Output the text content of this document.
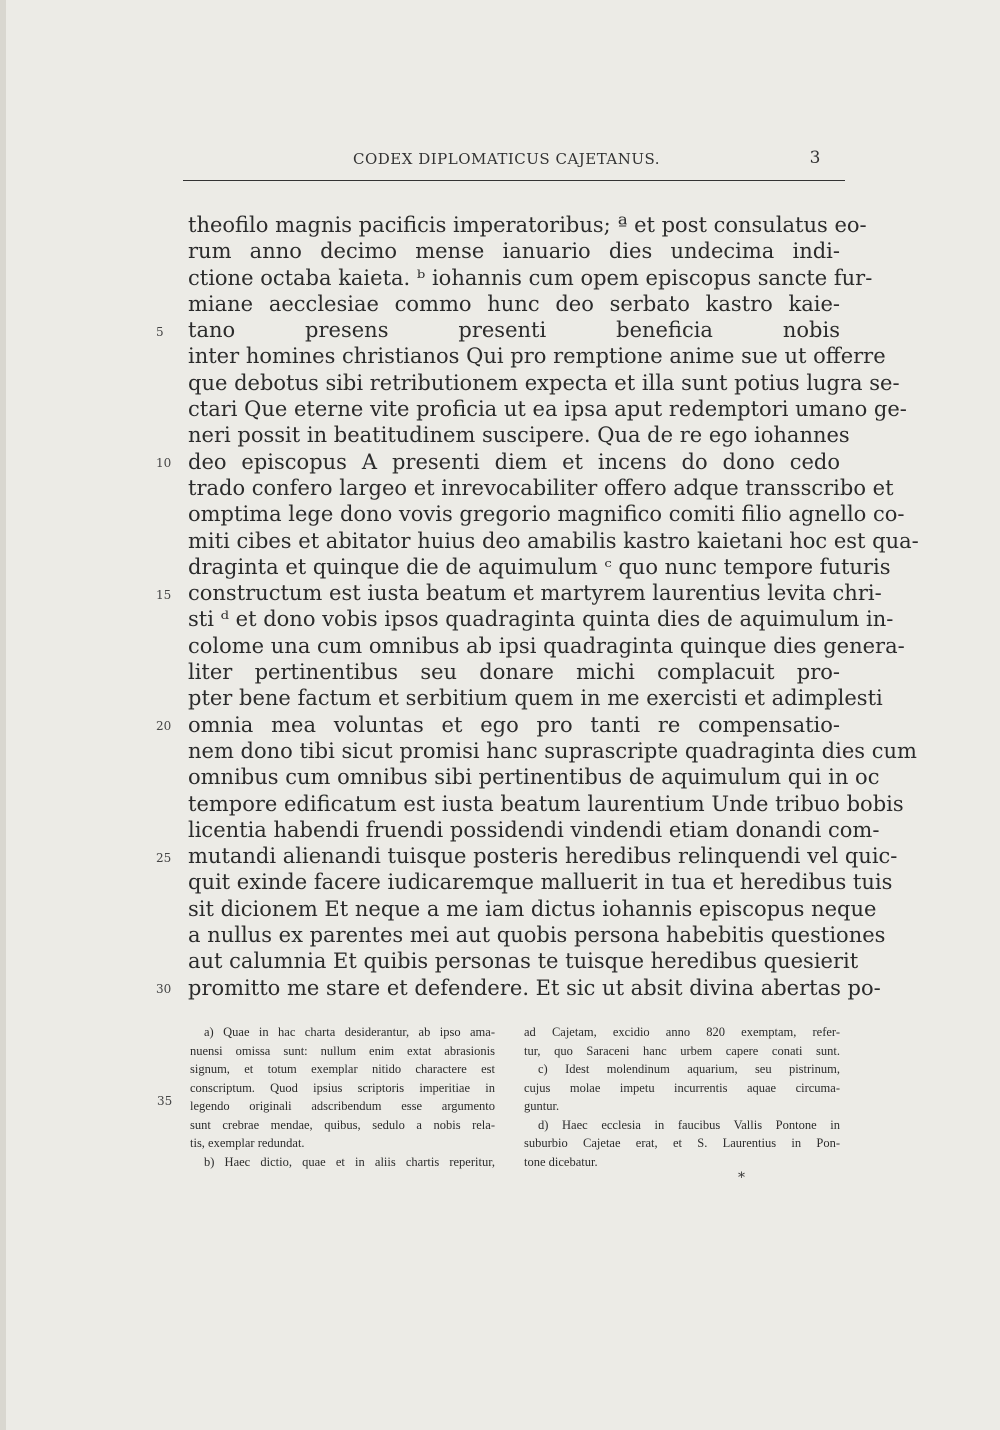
CODEX DIPLOMATICUS CAJETANUS.	3
theofilo magnis pacificis imperatoribus; ª et post consulatus eo-
rum anno decimo mense ianuario dies undecima indi-
ctione octaba kaieta. ᵇ iohannis cum opem episcopus sancte fur-
miane aecclesiae commo hunc deo serbato kastro kaie-
tano presens presenti beneficia nobis
inter homines christianos Qui pro remptione anime sue ut offerre
que debotus sibi retributionem expecta et illa sunt potius lugra se-
ctari Que eterne vite proficia ut ea ipsa aput redemptori umano ge-
neri possit in beatitudinem suscipere. Qua de re ego iohannes
deo episcopus A presenti diem et incens do dono cedo
trado confero largeo et inrevocabiliter offero adque transscribo et
omptima lege dono vovis gregorio magnifico comiti filio agnello co-
miti cibes et abitator huius deo amabilis kastro kaietani hoc est qua-
draginta et quinque die de aquimulum ᶜ quo nunc tempore futuris
constructum est iusta beatum et martyrem laurentius levita chri-
sti ᵈ et dono vobis ipsos quadraginta quinta dies de aquimulum in-
colome una cum omnibus ab ipsi quadraginta quinque dies genera-
liter pertinentibus seu donare michi complacuit pro-
pter bene factum et serbitium quem in me exercisti et adimplesti
omnia mea voluntas et ego pro tanti re compensatio-
nem dono tibi sicut promisi hanc suprascripte quadraginta dies cum
omnibus cum omnibus sibi pertinentibus de aquimulum qui in oc
tempore edificatum est iusta beatum laurentium Unde tribuo bobis
licentia habendi fruendi possidendi vindendi etiam donandi com-
mutandi alienandi tuisque posteris heredibus relinquendi vel quic-
quit exinde facere iudicaremque malluerit in tua et heredibus tuis
sit dicionem Et neque a me iam dictus iohannis episcopus neque
a nullus ex parentes mei aut quobis persona habebitis questiones
aut calumnia Et quibis personas te tuisque heredibus quesierit
promitto me stare et defendere. Et sic ut absit divina abertas po-
5
10
15
20
25
30
a) Quae in hac charta desiderantur, ab ipso ama-
nuensi omissa sunt: nullum enim extat abrasionis
signum, et totum exemplar nitido charactere est
conscriptum. Quod ipsius scriptoris imperitiae in
legendo originali adscribendum esse argumento
sunt crebrae mendae, quibus, sedulo a nobis rela-
tis, exemplar redundat.
b) Haec dictio, quae et in aliis chartis reperitur,
35
ad Cajetam, excidio anno 820 exemptam, refer-
tur, quo Saraceni hanc urbem capere conati sunt.
c) Idest molendinum aquarium, seu pistrinum,
cujus molae impetu incurrentis aquae circuma-
guntur.
d) Haec ecclesia in faucibus Vallis Pontone in
suburbio Cajetae erat, et S. Laurentius in Pon-
tone dicebatur.
*
